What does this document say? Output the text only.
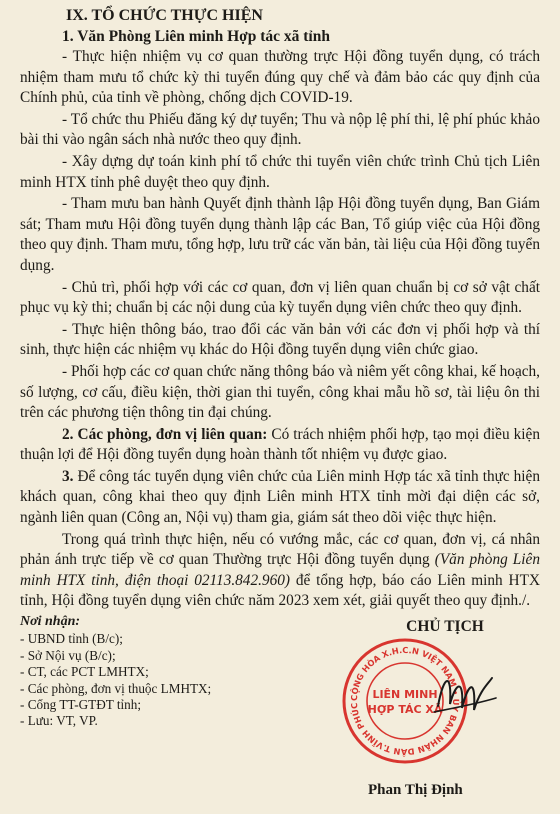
IX. TỔ CHỨC THỰC HIỆN
1. Văn Phòng Liên minh Hợp tác xã tỉnh

- Thực hiện nhiệm vụ cơ quan thường trực Hội đồng tuyển dụng, có trách nhiệm tham mưu tổ chức kỳ thi tuyển đúng quy chế và đảm bảo các quy định của Chính phủ, của tỉnh về phòng, chống dịch COVID-19.

- Tổ chức thu Phiếu đăng ký dự tuyển; Thu và nộp lệ phí thi, lệ phí phúc khảo bài thi vào ngân sách nhà nước theo quy định.

- Xây dựng dự toán kinh phí tổ chức thi tuyển viên chức trình Chủ tịch Liên minh HTX tỉnh phê duyệt theo quy định.

- Tham mưu ban hành Quyết định thành lập Hội đồng tuyển dụng, Ban Giám sát; Tham mưu Hội đồng tuyển dụng thành lập các Ban, Tổ giúp việc của Hội đồng theo quy định. Tham mưu, tổng hợp, lưu trữ các văn bản, tài liệu của Hội đồng tuyển dụng.

- Chủ trì, phối hợp với các cơ quan, đơn vị liên quan chuẩn bị cơ sở vật chất phục vụ kỳ thi; chuẩn bị các nội dung của kỳ tuyển dụng viên chức theo quy định.

- Thực hiện thông báo, trao đổi các văn bản với các đơn vị phối hợp và thí sinh, thực hiện các nhiệm vụ khác do Hội đồng tuyển dụng viên chức giao.

- Phối hợp các cơ quan chức năng thông báo và niêm yết công khai, kế hoạch, số lượng, cơ cấu, điều kiện, thời gian thi tuyển, công khai mẫu hồ sơ, tài liệu ôn thi trên các phương tiện thông tin đại chúng.

2. Các phòng, đơn vị liên quan: Có trách nhiệm phối hợp, tạo mọi điều kiện thuận lợi để Hội đồng tuyển dụng hoàn thành tốt nhiệm vụ được giao.

3. Để công tác tuyển dụng viên chức của Liên minh Hợp tác xã tỉnh thực hiện khách quan, công khai theo quy định Liên minh HTX tỉnh mời đại diện các sở, ngành liên quan (Công an, Nội vụ) tham gia, giám sát theo dõi việc thực hiện.

Trong quá trình thực hiện, nếu có vướng mắc, các cơ quan, đơn vị, cá nhân phản ánh trực tiếp về cơ quan Thường trực Hội đồng tuyển dụng (Văn phòng Liên minh HTX tỉnh, điện thoại 02113.842.960) để tổng hợp, báo cáo Liên minh HTX tỉnh, Hội đồng tuyển dụng viên chức năm 2023 xem xét, giải quyết theo quy định./.

Nơi nhận:
- UBND tỉnh (B/c);
- Sở Nội vụ (B/c);
- CT, các PCT LMHTX;
- Các phòng, đơn vị thuộc LMHTX;
- Cổng TT-GTĐT tỉnh;
- Lưu: VT, VP.
CHỦ TỊCH
CỘNG HÒA X.H.C.N VIỆT NAM • ỦY BAN NHÂN DÂN T.VĨNH PHÚC
LIÊN MINH
HỢP TÁC XÃ
Phan Thị Định
